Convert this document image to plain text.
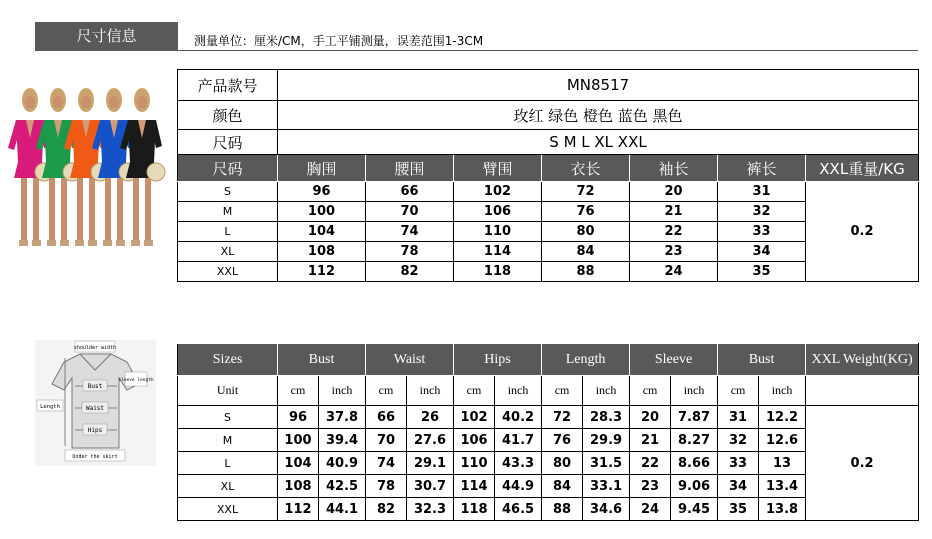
尺寸信息	测量单位：厘米/CM，手工平铺测量，误差范围1-3CM
shoulder width
sleeve length
Bust
Waist
Length
Hips
Under the skirt
产品款号	MN8517						
颜色	玫红 绿色 橙色 蓝色 黑色						
尺码	S M L XL XXL						
尺码	胸围	腰围	臂围	衣长	袖长	裤长	XXL重量/KG
S	96	66	102	72	20	31	0.2
M	100	70	106	76	21	32	
L	104	74	110	80	22	33	
XL	108	78	114	84	23	34	
XXL	112	82	118	88	24	35	
Sizes	Bust		Waist		Hips		Length		Sleeve		Bust		XXL Weight(KG)
Unit	cm	inch	cm	inch	cm	inch	cm	inch	cm	inch	cm	inch	
S	96	37.8	66	26	102	40.2	72	28.3	20	7.87	31	12.2	0.2
M	100	39.4	70	27.6	106	41.7	76	29.9	21	8.27	32	12.6	
L	104	40.9	74	29.1	110	43.3	80	31.5	22	8.66	33	13	
XL	108	42.5	78	30.7	114	44.9	84	33.1	23	9.06	34	13.4	
XXL	112	44.1	82	32.3	118	46.5	88	34.6	24	9.45	35	13.8	
